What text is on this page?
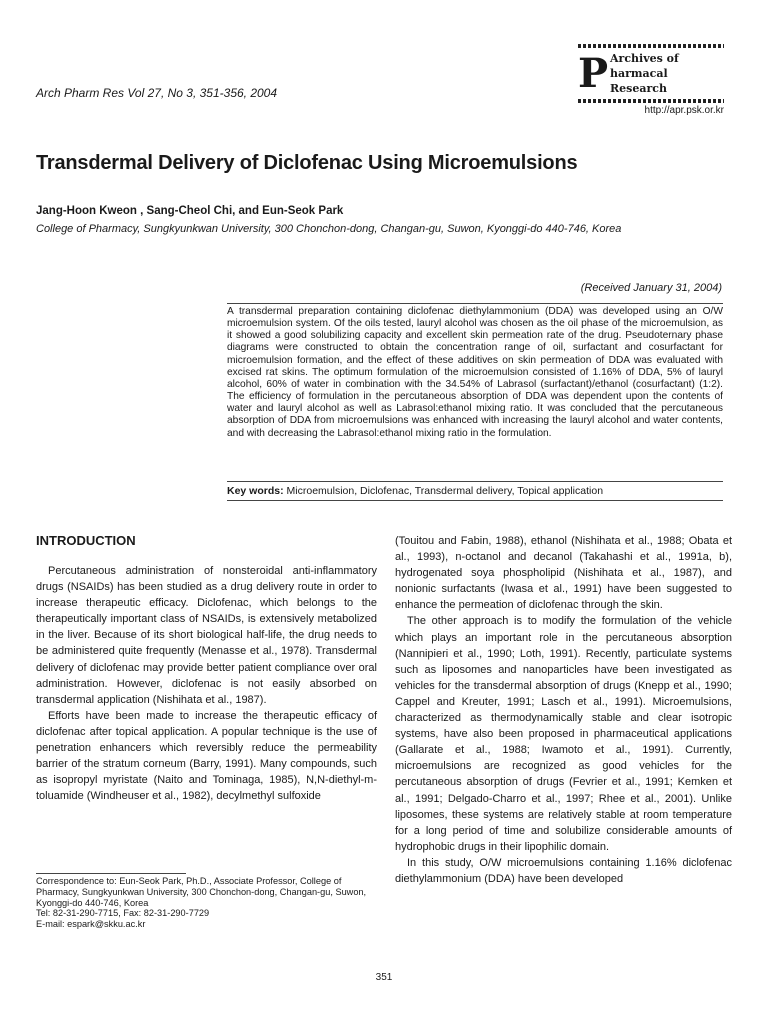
Arch Pharm Res Vol 27, No 3, 351-356, 2004	P Archives of
harmacal Research
http://apr.psk.or.kr
Transdermal Delivery of Diclofenac Using Microemulsions
Jang-Hoon Kweon , Sang-Cheol Chi, and Eun-Seok Park
College of Pharmacy, Sungkyunkwan University, 300 Chonchon-dong, Changan-gu, Suwon, Kyonggi-do 440-746, Korea
(Received January 31, 2004)
A transdermal preparation containing diclofenac diethylammonium (DDA) was developed using an O/W microemulsion system. Of the oils tested, lauryl alcohol was chosen as the oil phase of the microemulsion, as it showed a good solubilizing capacity and excellent skin permeation rate of the drug. Pseudoternary phase diagrams were constructed to obtain the concentration range of oil, surfactant and cosurfactant for microemulsion formation, and the effect of these additives on skin permeation of DDA was evaluated with excised rat skins. The optimum formulation of the microemulsion consisted of 1.16% of DDA, 5% of lauryl alcohol, 60% of water in combination with the 34.54% of Labrasol (surfactant)/ethanol (cosurfactant) (1:2). The efficiency of formulation in the percutaneous absorption of DDA was dependent upon the contents of water and lauryl alcohol as well as Labrasol:ethanol mixing ratio. It was concluded that the percutaneous absorption of DDA from microemulsions was enhanced with increasing the lauryl alcohol and water contents, and with decreasing the Labrasol:ethanol mixing ratio in the formulation.
Key words: Microemulsion, Diclofenac, Transdermal delivery, Topical application
INTRODUCTION

Percutaneous administration of nonsteroidal anti-inflammatory drugs (NSAIDs) has been studied as a drug delivery route in order to increase therapeutic efficacy. Diclofenac, which belongs to the therapeutically important class of NSAIDs, is extensively metabolized in the liver. Because of its short biological half-life, the drug needs to be administered quite frequently (Menasse et al., 1978). Transdermal delivery of diclofenac may provide better patient compliance over oral administration. However, diclofenac is not easily absorbed on transdermal application (Nishihata et al., 1987).

Efforts have been made to increase the therapeutic efficacy of diclofenac after topical application. A popular technique is the use of penetration enhancers which reversibly reduce the permeability barrier of the stratum corneum (Barry, 1991). Many compounds, such as isopropyl myristate (Naito and Tominaga, 1985), N,N-diethyl-m-toluamide (Windheuser et al., 1982), decylmethyl sulfoxide

(Touitou and Fabin, 1988), ethanol (Nishihata et al., 1988; Obata et al., 1993), n-octanol and decanol (Takahashi et al., 1991a, b), hydrogenated soya phospholipid (Nishihata et al., 1987), and nonionic surfactants (Iwasa et al., 1991) have been suggested to enhance the permeation of diclofenac through the skin.

The other approach is to modify the formulation of the vehicle which plays an important role in the percutaneous absorption (Nannipieri et al., 1990; Loth, 1991). Recently, particulate systems such as liposomes and nanoparticles have been investigated as vehicles for the transdermal absorption of drugs (Knepp et al., 1990; Cappel and Kreuter, 1991; Lasch et al., 1991). Microemulsions, characterized as thermodynamically stable and clear isotropic systems, have also been proposed in pharmaceutical applications (Gallarate et al., 1988; Iwamoto et al., 1991). Currently, microemulsions are recognized as good vehicles for the percutaneous absorption of drugs (Fevrier et al., 1991; Kemken et al., 1991; Delgado-Charro et al., 1997; Rhee et al., 2001). Unlike liposomes, these systems are relatively stable at room temperature for a long period of time and solubilize considerable amounts of hydrophobic drugs in their lipophilic domain.

In this study, O/W microemulsions containing 1.16% diclofenac diethylammonium (DDA) have been developed

Correspondence to: Eun-Seok Park, Ph.D., Associate Professor, College of Pharmacy, Sungkyunkwan University, 300 Chonchon-dong, Changan-gu, Suwon, Kyonggi-do 440-746, Korea
Tel: 82-31-290-7715, Fax: 82-31-290-7729
E-mail: espark@skku.ac.kr
351
